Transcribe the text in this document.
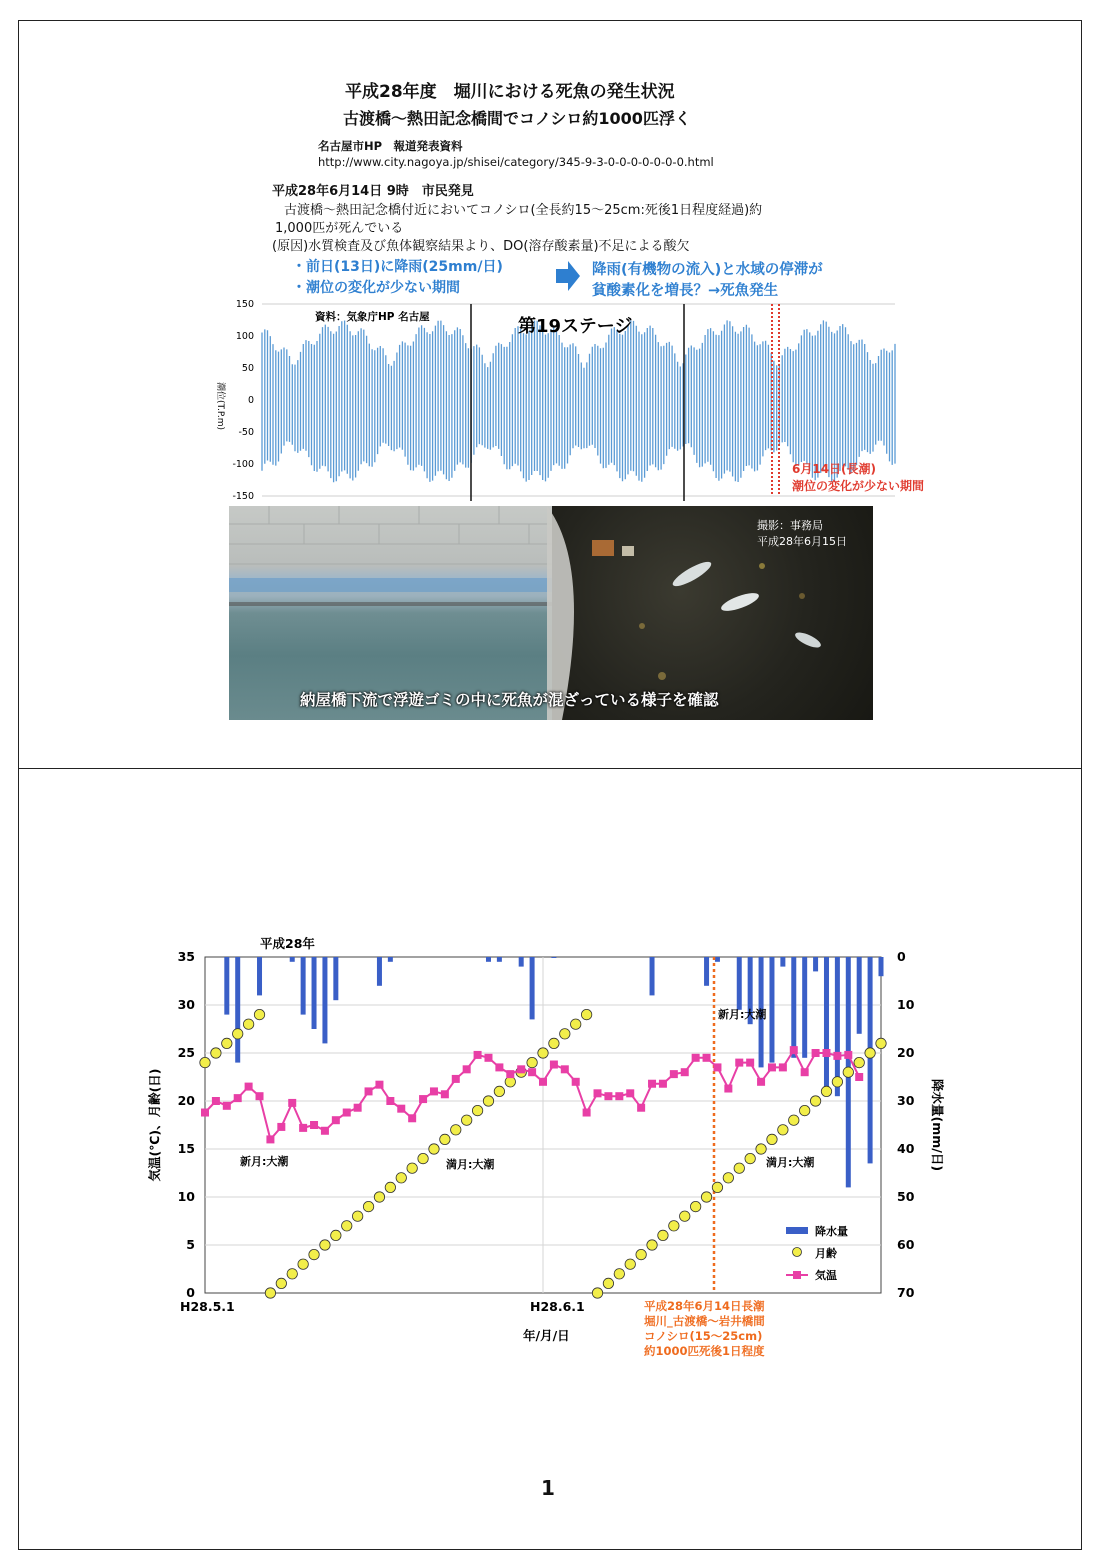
平成28年度　堀川における死魚の発生状況
古渡橋～熱田記念橋間でコノシロ約1000匹浮く
名古屋市HP　報道発表資料
http://www.city.nagoya.jp/shisei/category/345-9-3-0-0-0-0-0-0-0.html
平成28年6月14日 9時　市民発見
古渡橋～熱田記念橋付近においてコノシロ(全長約15～25cm:死後1日程度経過)約
1,000匹が死んでいる
(原因)水質検査及び魚体観察結果より、DO(溶存酸素量)不足による酸欠
・前日(13日)に降雨(25mm/日)
・潮位の変化が少ない期間
降雨(有機物の流入)と水域の停滞が
貧酸素化を増長？→死魚発生
150
100
50
0
-50
-100
-150
潮位(T.P.m)
資料：気象庁HP 名古屋	第19ステージ
6月14日(長潮)
潮位の変化が少ない期間
撮影：事務局
平成28年6月15日
納屋橋下流で浮遊ゴミの中に死魚が混ざっている様子を確認
35
30
25
20
15
10
5
0
0
10
20
30
40
50
60
70
平成28年
H28.5.1	H28.6.1
年/月/日
気温(℃)、月齢(日)	降水量(mm/日)
新月:大潮	満月:大潮
新月:大潮
満月:大潮
降水量
月齢
気温
平成28年6月14日長潮
堀川_古渡橋～岩井橋間
コノシロ(15～25cm)
約1000匹死後1日程度
1
